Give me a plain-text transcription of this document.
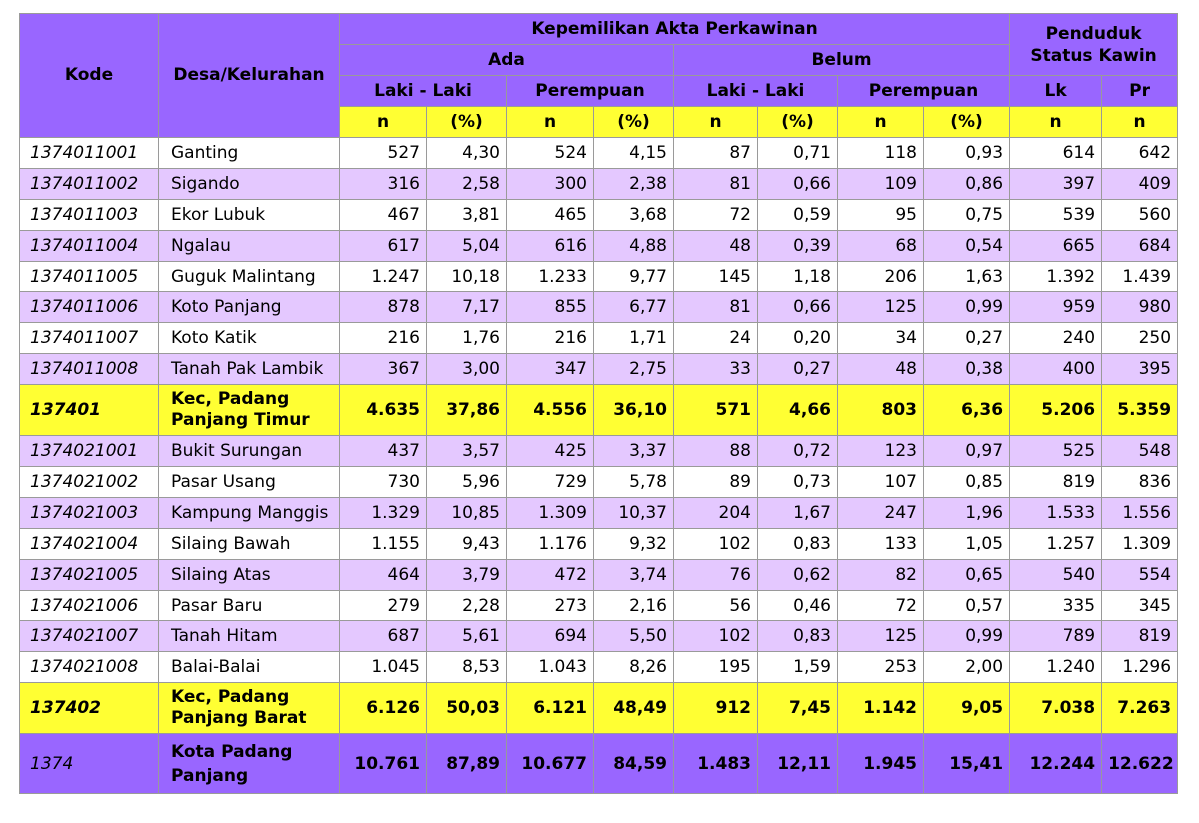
Kode	Desa/Kelurahan	Kepemilikan Akta Perkawinan								Penduduk Status Kawin	
		Ada				Belum					
		Laki - Laki		Perempuan		Laki - Laki		Perempuan		Lk	Pr
		n	(%)	n	(%)	n	(%)	n	(%)	n	n
1374011001	Ganting	527	4,30	524	4,15	87	0,71	118	0,93	614	642
1374011002	Sigando	316	2,58	300	2,38	81	0,66	109	0,86	397	409
1374011003	Ekor Lubuk	467	3,81	465	3,68	72	0,59	95	0,75	539	560
1374011004	Ngalau	617	5,04	616	4,88	48	0,39	68	0,54	665	684
1374011005	Guguk Malintang	1.247	10,18	1.233	9,77	145	1,18	206	1,63	1.392	1.439
1374011006	Koto Panjang	878	7,17	855	6,77	81	0,66	125	0,99	959	980
1374011007	Koto Katik	216	1,76	216	1,71	24	0,20	34	0,27	240	250
1374011008	Tanah Pak Lambik	367	3,00	347	2,75	33	0,27	48	0,38	400	395
137401	Kec, Padang Panjang Timur	4.635	37,86	4.556	36,10	571	4,66	803	6,36	5.206	5.359
1374021001	Bukit Surungan	437	3,57	425	3,37	88	0,72	123	0,97	525	548
1374021002	Pasar Usang	730	5,96	729	5,78	89	0,73	107	0,85	819	836
1374021003	Kampung Manggis	1.329	10,85	1.309	10,37	204	1,67	247	1,96	1.533	1.556
1374021004	Silaing Bawah	1.155	9,43	1.176	9,32	102	0,83	133	1,05	1.257	1.309
1374021005	Silaing Atas	464	3,79	472	3,74	76	0,62	82	0,65	540	554
1374021006	Pasar Baru	279	2,28	273	2,16	56	0,46	72	0,57	335	345
1374021007	Tanah Hitam	687	5,61	694	5,50	102	0,83	125	0,99	789	819
1374021008	Balai-Balai	1.045	8,53	1.043	8,26	195	1,59	253	2,00	1.240	1.296
137402	Kec, Padang Panjang Barat	6.126	50,03	6.121	48,49	912	7,45	1.142	9,05	7.038	7.263
1374	Kota Padang Panjang	10.761	87,89	10.677	84,59	1.483	12,11	1.945	15,41	12.244	12.622
